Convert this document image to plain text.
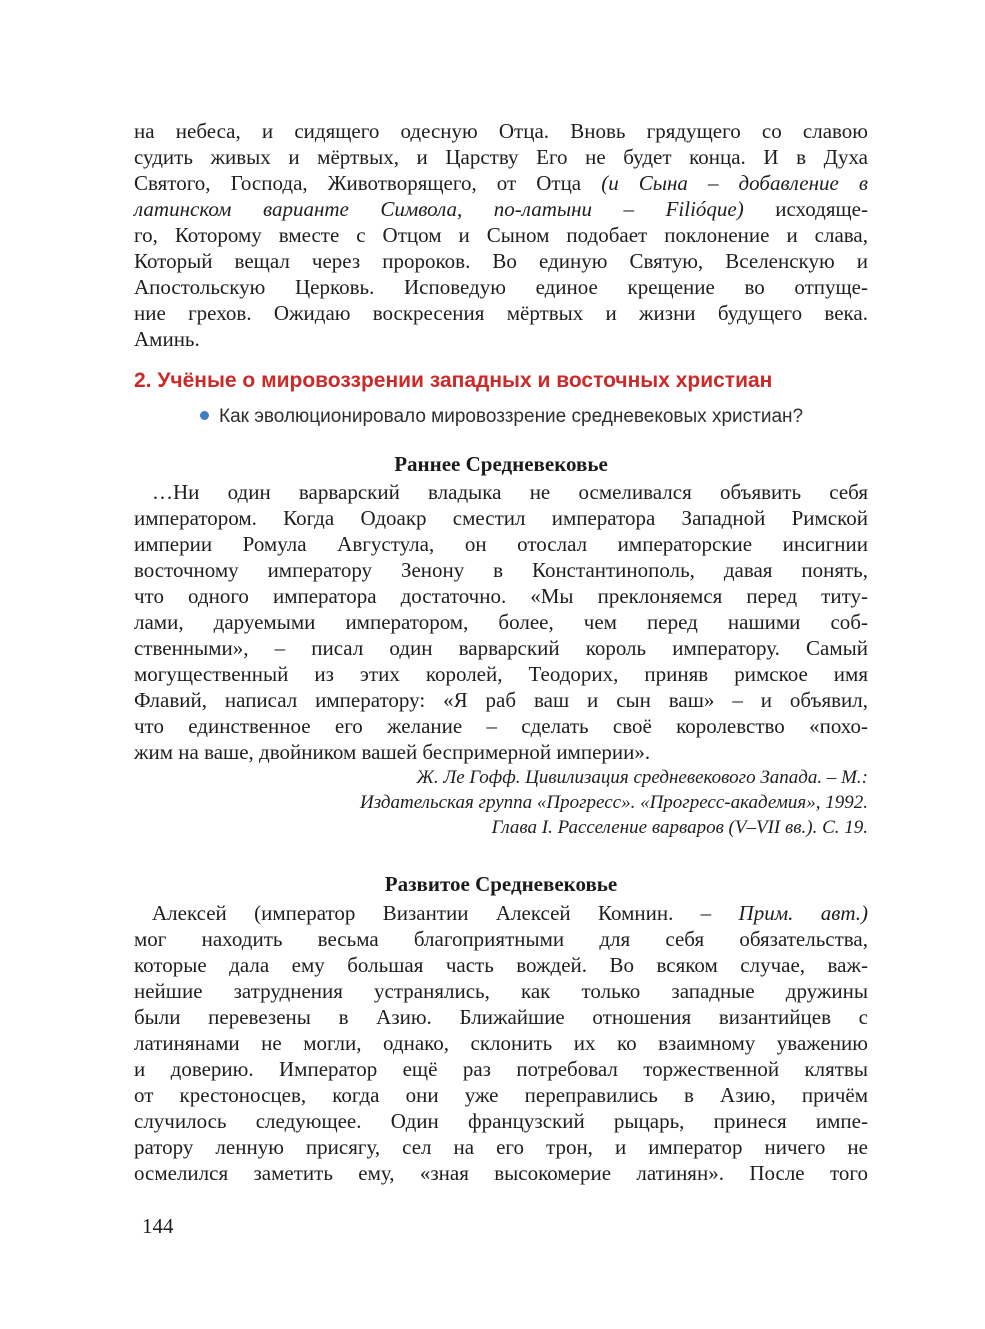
на небеса, и сидящего одесную Отца. Вновь грядущего со славою
судить живых и мёртвых, и Царству Его не будет конца. И в Духа
Святого, Господа, Животворящего, от Отца (и Сына – добавление в
латинском варианте Символа, по-латыни – Filióque) исходяще-
го, Которому вместе с Отцом и Сыном подобает поклонение и слава,
Который вещал через пророков. Во единую Святую, Вселенскую и
Апостольскую Церковь. Исповедую единое крещение во отпуще-
ние грехов. Ожидаю воскресения мёртвых и жизни будущего века.
Аминь.
2. Учёные о мировоззрении западных и восточных христиан
Как эволюционировало мировоззрение средневековых христиан?
Раннее Средневековье
…Ни один варварский владыка не осмеливался объявить себя
императором. Когда Одоакр сместил императора Западной Римской
империи Ромула Августула, он отослал императорские инсигнии
восточному императору Зенону в Константинополь, давая понять,
что одного императора достаточно. «Мы преклоняемся перед титу-
лами, даруемыми императором, более, чем перед нашими соб-
ственными», – писал один варварский король императору. Самый
могущественный из этих королей, Теодорих, приняв римское имя
Флавий, написал императору: «Я раб ваш и сын ваш» – и объявил,
что единственное его желание – сделать своё королевство «похо-
жим на ваше, двойником вашей беспримерной империи».
Ж. Ле Гофф. Цивилизация средневекового Запада. – М.:
Издательская группа «Прогресс». «Прогресс-академия», 1992.
Глава I. Расселение варваров (V–VII вв.). С. 19.
Развитое Средневековье
Алексей (император Византии Алексей Комнин. – Прим. авт.)
мог находить весьма благоприятными для себя обязательства,
которые дала ему большая часть вождей. Во всяком случае, важ-
нейшие затруднения устранялись, как только западные дружины
были перевезены в Азию. Ближайшие отношения византийцев с
латинянами не могли, однако, склонить их ко взаимному уважению
и доверию. Император ещё раз потребовал торжественной клятвы
от крестоносцев, когда они уже переправились в Азию, причём
случилось следующее. Один французский рыцарь, принеся импе-
ратору ленную присягу, сел на его трон, и император ничего не
осмелился заметить ему, «зная высокомерие латинян». После того
144
